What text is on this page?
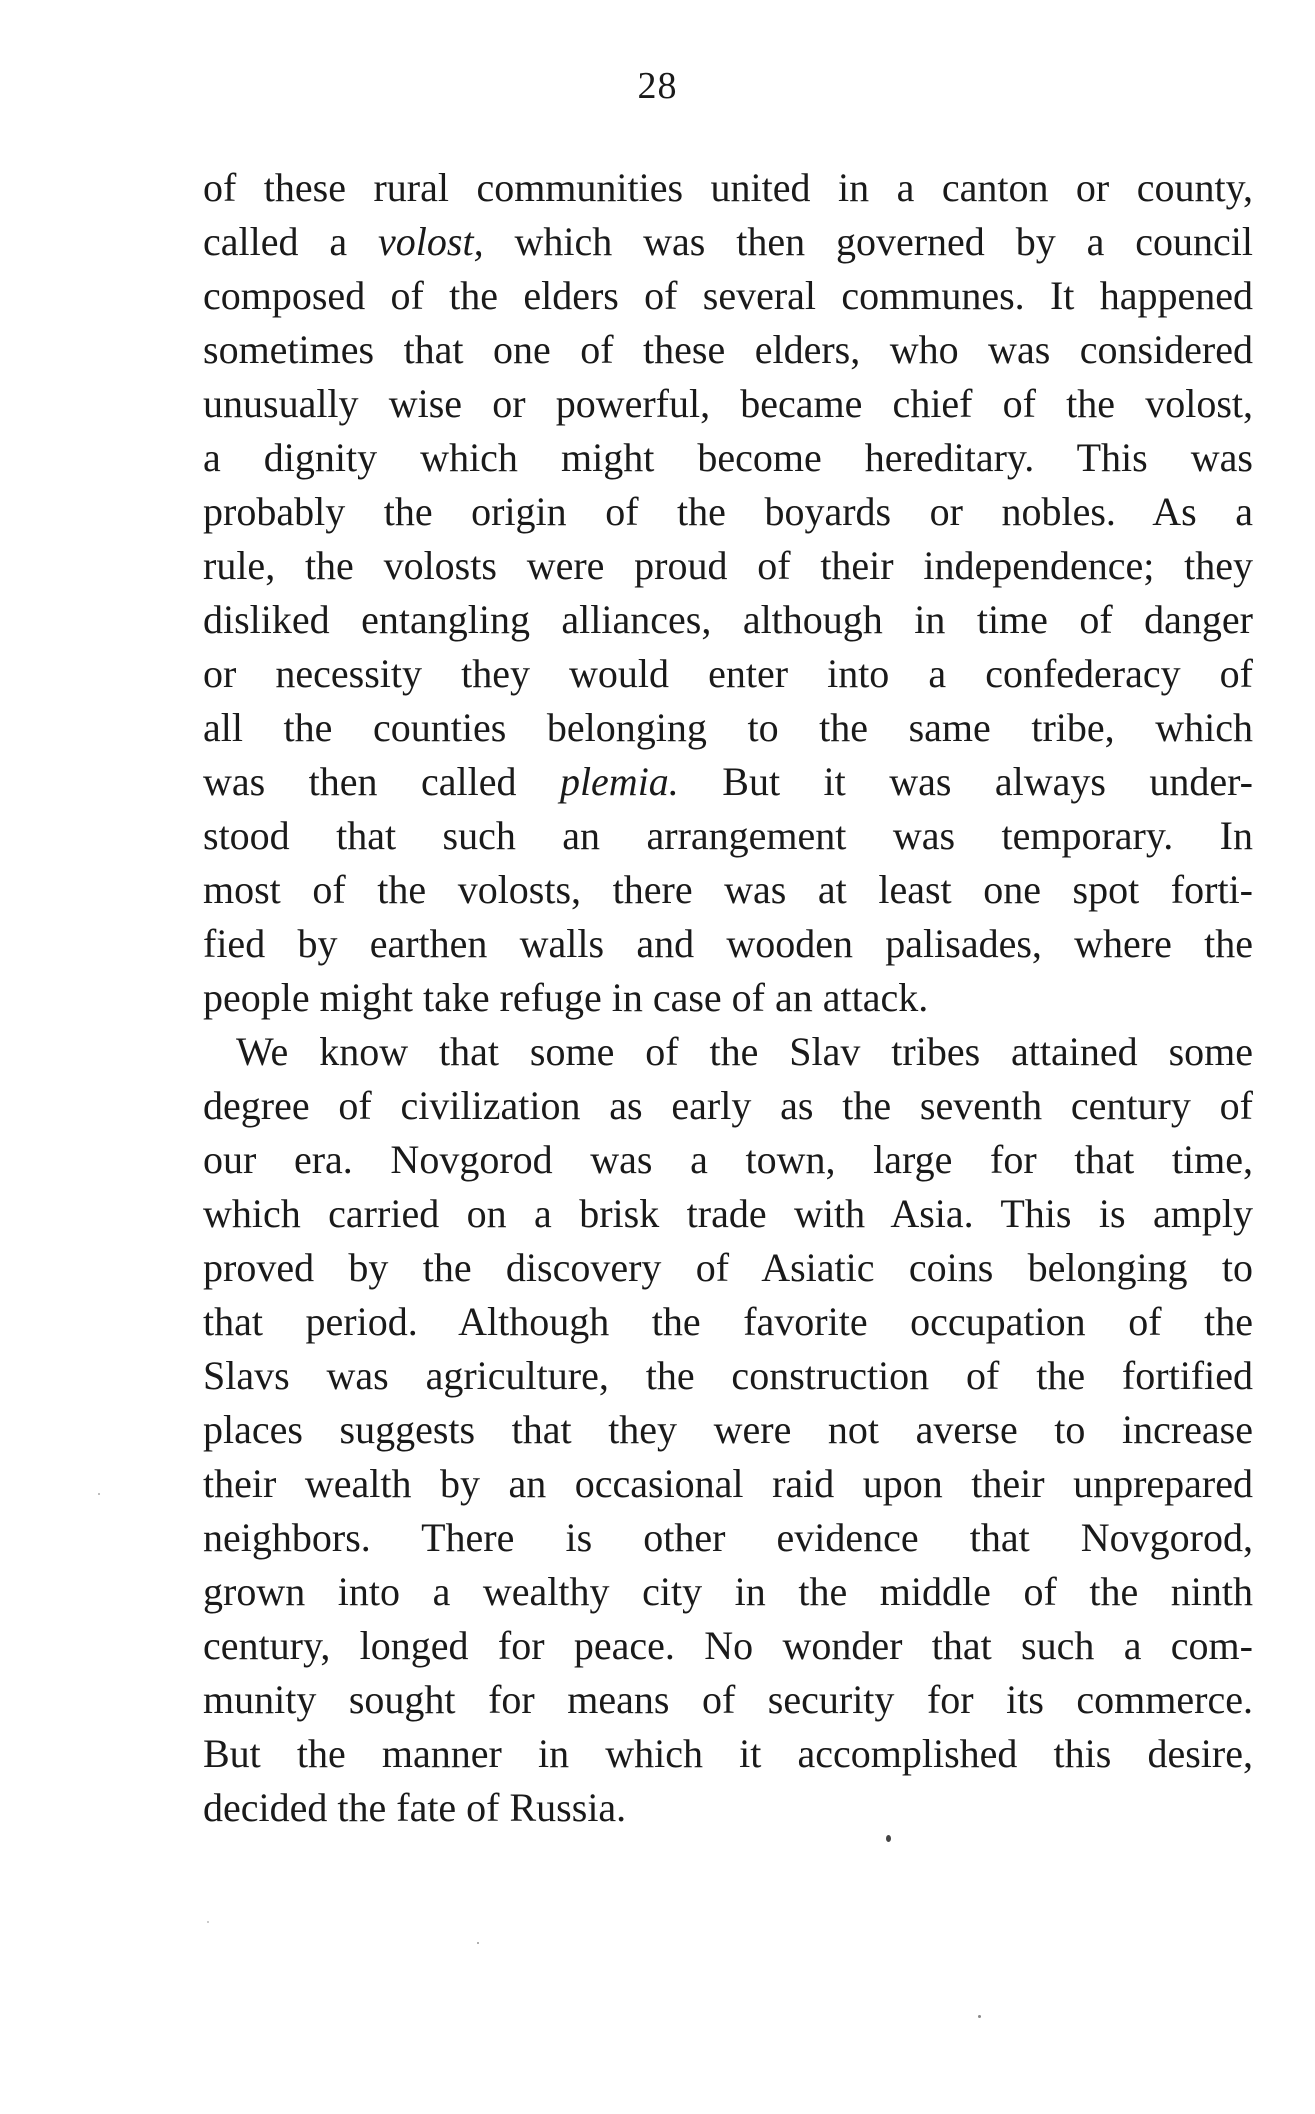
28
of these rural communities united in a canton or county,
called a volost, which was then governed by a council
composed of the elders of several communes. It happened
sometimes that one of these elders, who was considered
unusually wise or powerful, became chief of the volost,
a dignity which might become hereditary. This was
probably the origin of the boyards or nobles. As a
rule, the volosts were proud of their independence; they
disliked entangling alliances, although in time of danger
or necessity they would enter into a confederacy of
all the counties belonging to the same tribe, which
was then called plemia. But it was always under-
stood that such an arrangement was temporary. In
most of the volosts, there was at least one spot forti-
fied by earthen walls and wooden palisades, where the
people might take refuge in case of an attack.
We know that some of the Slav tribes attained some
degree of civilization as early as the seventh century of
our era. Novgorod was a town, large for that time,
which carried on a brisk trade with Asia. This is amply
proved by the discovery of Asiatic coins belonging to
that period. Although the favorite occupation of the
Slavs was agriculture, the construction of the fortified
places suggests that they were not averse to increase
their wealth by an occasional raid upon their unprepared
neighbors. There is other evidence that Novgorod,
grown into a wealthy city in the middle of the ninth
century, longed for peace. No wonder that such a com-
munity sought for means of security for its commerce.
But the manner in which it accomplished this desire,
decided the fate of Russia.
